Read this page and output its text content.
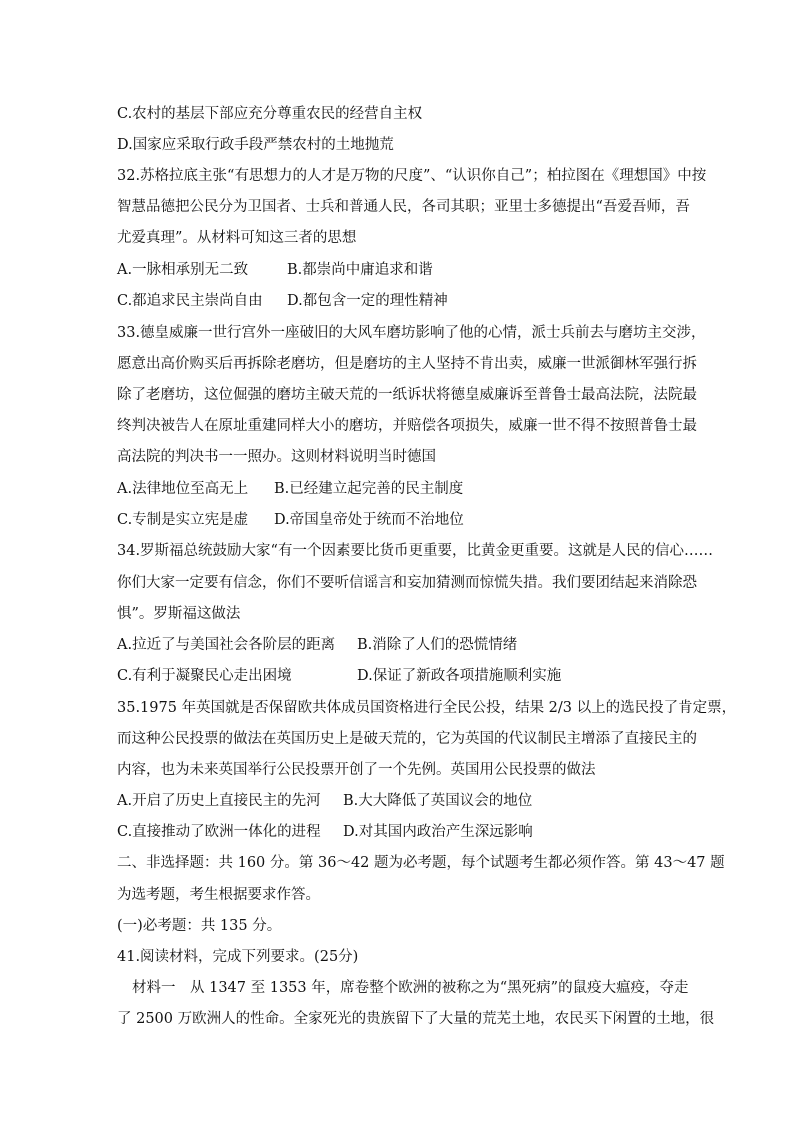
C.农村的基层下部应充分尊重农民的经营自主权
D.国家应采取行政手段严禁农村的土地抛荒
32.苏格拉底主张“有思想力的人才是万物的尺度”、“认识你自己”；柏拉图在《理想国》中按
智慧品德把公民分为卫国者、士兵和普通人民，各司其职；亚里士多德提出“吾爱吾师，吾
尤爱真理”。从材料可知这三者的思想
A.一脉相承别无二致	B.都崇尚中庸追求和谐
C.都追求民主崇尚自由 D.都包含一定的理性精神
33.德皇威廉一世行宫外一座破旧的大风车磨坊影响了他的心情，派士兵前去与磨坊主交涉，
愿意出高价购买后再拆除老磨坊，但是磨坊的主人坚持不肯出卖，威廉一世派御林军强行拆
除了老磨坊，这位倔强的磨坊主破天荒的一纸诉状将德皇威廉诉至普鲁士最高法院，法院最
终判决被告人在原址重建同样大小的磨坊，并赔偿各项损失，威廉一世不得不按照普鲁士最
高法院的判决书一一照办。这则材料说明当时德国
A.法律地位至高无上 B.已经建立起完善的民主制度
C.专制是实立宪是虚 D.帝国皇帝处于统而不治地位
34.罗斯福总统鼓励大家“有一个因素要比货币更重要，比黄金更重要。这就是人民的信心……
你们大家一定要有信念，你们不要听信谣言和妄加猜测而惊慌失措。我们要团结起来消除恐
惧”。罗斯福这做法
A.拉近了与美国社会各阶层的距离 B.消除了人们的恐慌情绪
C.有利于凝聚民心走出困境	D.保证了新政各项措施顺利实施
35.1975 年英国就是否保留欧共体成员国资格进行全民公投，结果 2/3 以上的选民投了肯定票，
而这种公民投票的做法在英国历史上是破天荒的，它为英国的代议制民主增添了直接民主的
内容，也为未来英国举行公民投票开创了一个先例。英国用公民投票的做法
A.开启了历史上直接民主的先河 B.大大降低了英国议会的地位
C.直接推动了欧洲一体化的进程 D.对其国内政治产生深远影响
二、非选择题：共 160 分。第 36～42 题为必考题，每个试题考生都必须作答。第 43～47 题
为选考题，考生根据要求作答。
(一)必考题：共 135 分。
41.阅读材料，完成下列要求。(25分)
材料一　从 1347 至 1353 年，席卷整个欧洲的被称之为“黑死病”的鼠疫大瘟疫，夺走
了 2500 万欧洲人的性命。全家死光的贵族留下了大量的荒芜土地，农民买下闲置的土地，很
